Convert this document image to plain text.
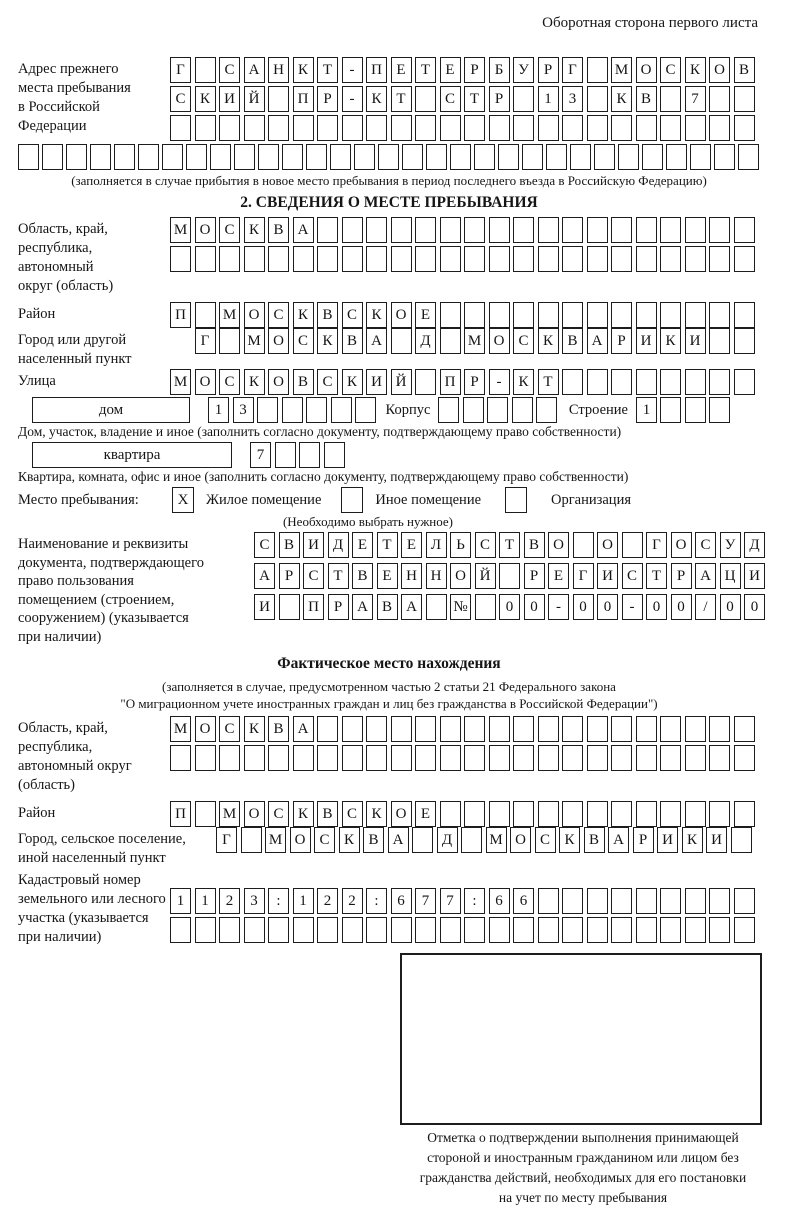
Оборотная сторона первого листа
Адрес прежнего
места пребывания
в Российской
Федерации
Г	С А Н К Т	-	П Е	Т	Е	Р	Б У	Р	Г	М О С К О В
С К И Й	П Р	-	К Т	С Т	Р	1	3	К В	7
(заполняется в случае прибытия в новое место пребывания в период последнего въезда в Российскую Федерацию)
2. СВЕДЕНИЯ О МЕСТЕ ПРЕБЫВАНИЯ
Область, край,
республика,
автономный
округ (область)
М О С К В А
Район	П	М О С К В С К О Е
Город или другой
населенный пункт
Г	М О С К В А	Д	М О С К В А Р И К И
Улица	М О С К О В С К И Й	П Р	-	К Т
дом	1	3	Корпус	Строение 1
Дом, участок, владение и иное (заполнить согласно документу, подтверждающему право собственности)
квартира	7
Квартира, комната, офис и иное (заполнить согласно документу, подтверждающему право собственности)
Место пребывания:	X	Жилое помещение	Иное помещение	Организация
(Необходимо выбрать нужное)
Наименование и реквизиты
документа, подтверждающего
право пользования
помещением (строением,
сооружением) (указывается
при наличии)
С В И Д Е	Т	Е Л	Ь	С Т В О	О	Г О С У Д
А Р	С Т В Е Н Н О Й	Р	Е	Г И С Т	Р А Ц И
И	П Р А В А	№	0	0	-	0	0	-	0	0	/	0	0
Фактическое место нахождения
(заполняется в случае, предусмотренном частью 2 статьи 21 Федерального закона
"О миграционном учете иностранных граждан и лиц без гражданства в Российской Федерации")
Область, край,
республика,
автономный округ
(область)
М О С К В А
Район	П	М О С К В С К О Е
Город, сельское поселение,
иной населенный пункт
Г	М О С К В А	Д	М О С К В А Р И К И
Кадастровый номер
земельного или лесного
участка (указывается
при наличии)
1	1	2	3	:	1	2	2	:	6	7	7	:	6	6
Отметка о подтверждении выполнения принимающей
стороной и иностранным гражданином или лицом без
гражданства действий, необходимых для его постановки
на учет по месту пребывания
